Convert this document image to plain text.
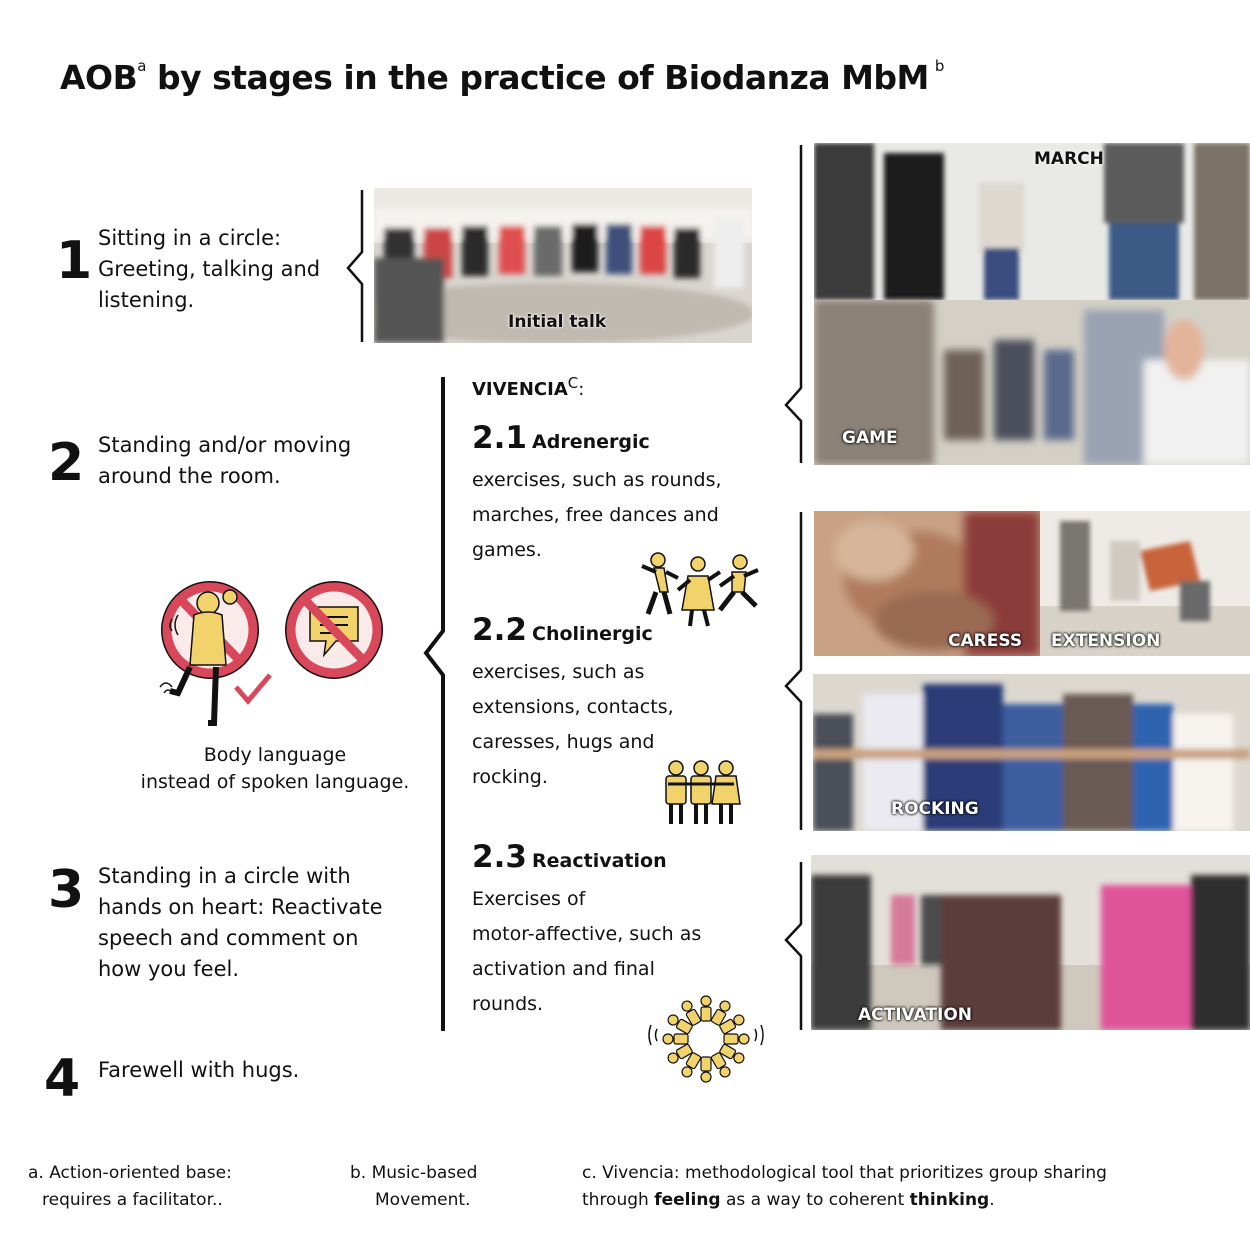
AOB$^a$ by stages in the practice of Biodanza MbM $^b$
1 Sitting in a circle:
Greeting, talking and
listening.
2 Standing and/or moving
around the room.
3 Standing in a circle with
hands on heart: Reactivate
speech and comment on
how you feel.
4 Farewell with hugs.
Initial talk
$VIVENCIA^C$:
2.1 Adrenergic
exercises, such as rounds,
marches, free dances and
games.
2.2 Cholinergic
exercises, such as
extensions, contacts,
caresses, hugs and
rocking.
2.3 Reactivation
Exercises of
motor-affective, such as
activation and final
rounds.
Body language
instead of spoken language.
MARCH
GAME
CARESS EXTENSION
ROCKING
ACTIVATION
a. Action-oriented base:
requires a facilitator..
b. Music-based
Movement.
c. Vivencia: methodological tool that prioritizes group sharing
through feeling as a way to coherent thinking.
